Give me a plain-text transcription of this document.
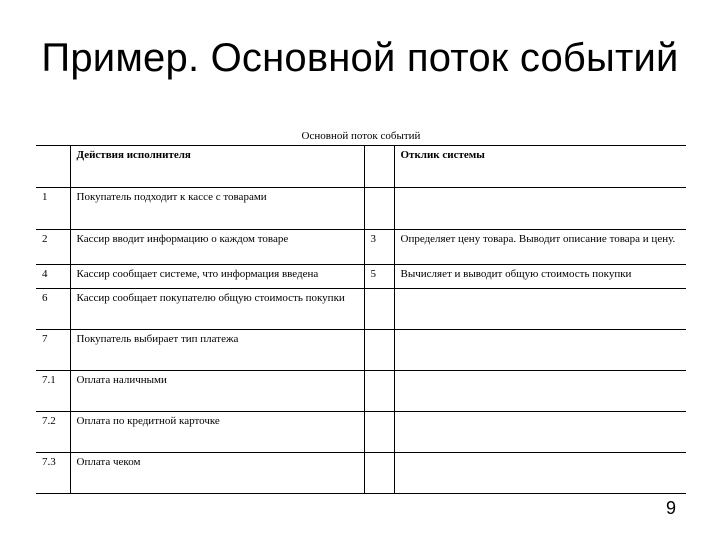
Пример. Основной поток событий
Основной поток событий
	Действия исполнителя		Отклик системы
1	Покупатель подходит к кассе с товарами		
2	Кассир вводит информацию о каждом товаре	3	Определяет цену товара. Выводит описание товара и цену.
4	Кассир сообщает системе, что информация введена	5	Вычисляет и выводит общую стоимость покупки
6	Кассир сообщает покупателю общую стоимость покупки		
7	Покупатель выбирает тип платежа		
7.1	Оплата наличными		
7.2	Оплата по кредитной карточке		
7.3	Оплата чеком		
9
